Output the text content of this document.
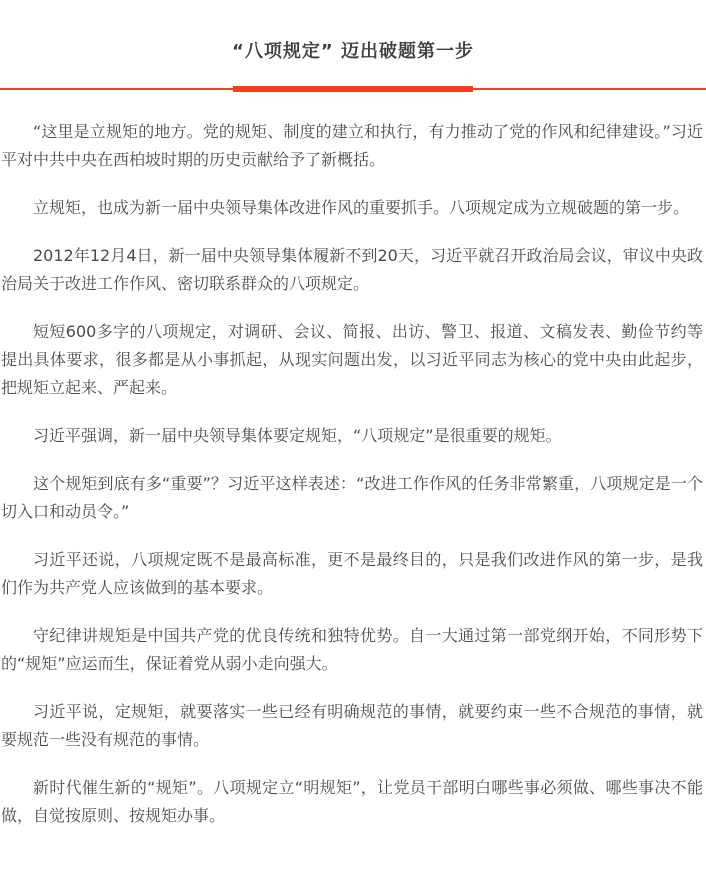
“八项规定” 迈出破题第一步

“这里是立规矩的地方。党的规矩、制度的建立和执行，有力推动了党的作风和纪律建设。”习近平对中共中央在西柏坡时期的历史贡献给予了新概括。

立规矩，也成为新一届中央领导集体改进作风的重要抓手。八项规定成为立规破题的第一步。

2012年12月4日，新一届中央领导集体履新不到20天，习近平就召开政治局会议，审议中央政治局关于改进工作作风、密切联系群众的八项规定。

短短600多字的八项规定，对调研、会议、简报、出访、警卫、报道、文稿发表、勤俭节约等提出具体要求，很多都是从小事抓起，从现实问题出发，以习近平同志为核心的党中央由此起步，把规矩立起来、严起来。

习近平强调，新一届中央领导集体要定规矩，“八项规定”是很重要的规矩。

这个规矩到底有多“重要”？习近平这样表述：“改进工作作风的任务非常繁重，八项规定是一个切入口和动员令。”

习近平还说，八项规定既不是最高标准，更不是最终目的，只是我们改进作风的第一步，是我们作为共产党人应该做到的基本要求。

守纪律讲规矩是中国共产党的优良传统和独特优势。自一大通过第一部党纲开始，不同形势下的“规矩”应运而生，保证着党从弱小走向强大。

习近平说，定规矩，就要落实一些已经有明确规范的事情，就要约束一些不合规范的事情，就要规范一些没有规范的事情。

新时代催生新的“规矩”。八项规定立“明规矩”，让党员干部明白哪些事必须做、哪些事决不能做，自觉按原则、按规矩办事。
